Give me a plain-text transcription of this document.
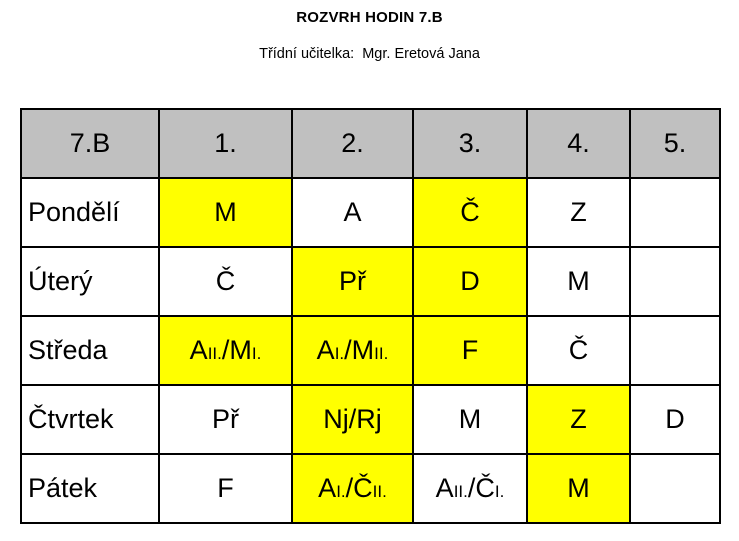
ROZVRH HODIN 7.B
Třídní učitelka: Mgr. Eretová Jana
7.B	1.	2.	3.	4.	5.
Pondělí	M	A	Č	Z	
Úterý	Č	Př	D	M	
Středa	AII./MI.	AI./MII.	F	Č	
Čtvrtek	Př	Nj/Rj	M	Z	D
Pátek	F	AI./ČII.	AII./ČI.	M	
